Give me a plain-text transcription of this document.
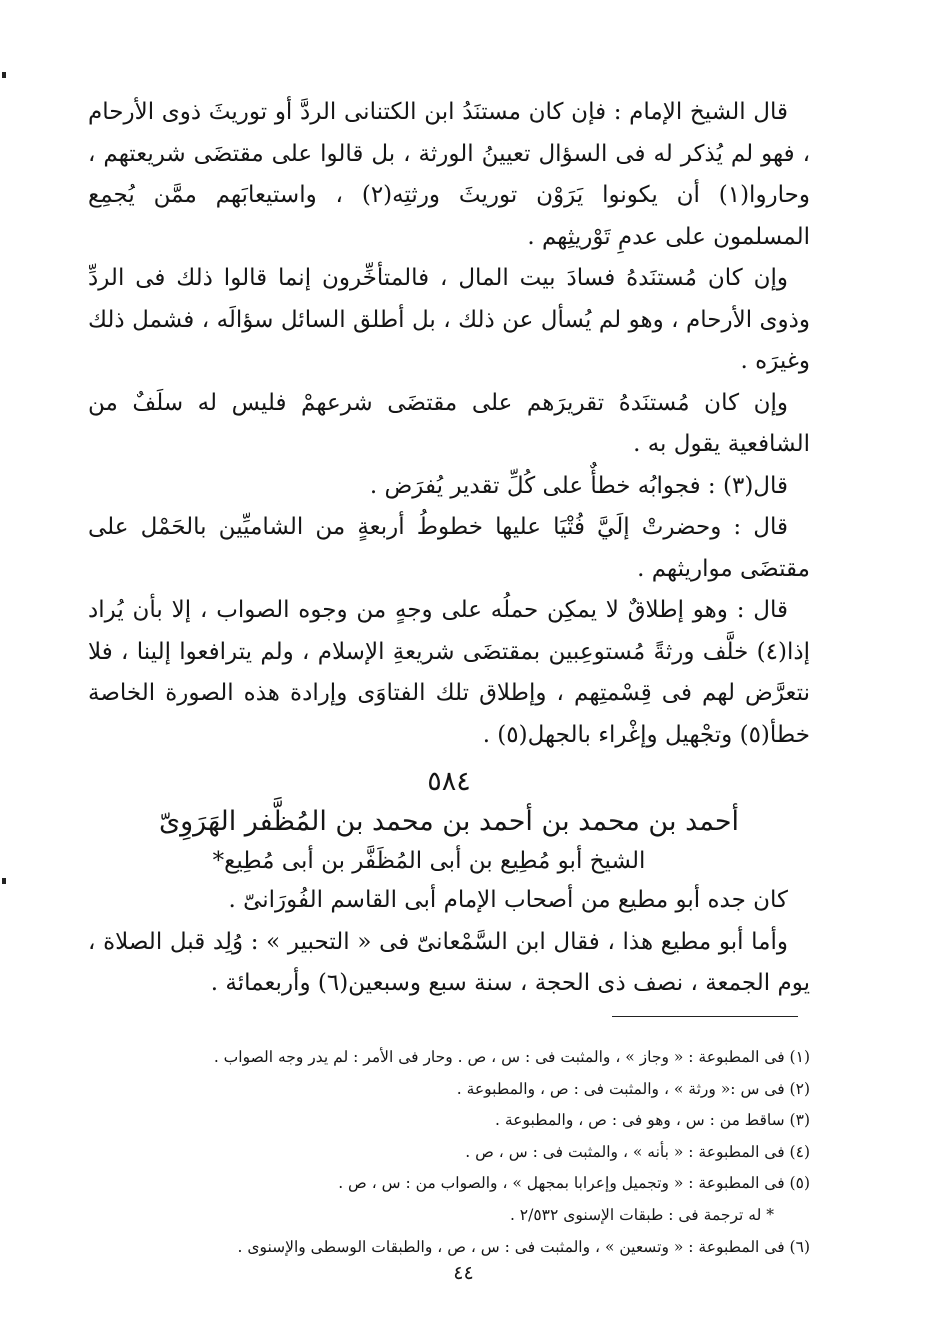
قال الشيخ الإمام : فإن كان مستنَدُ ابن الكتنانى الردَّ أو توريثَ ذوى الأرحام ، فهو لم يُذكر له فى السؤال تعيينُ الورثة ، بل قالوا على مقتضَى شريعتهم ، وحاروا(١) أن يكونوا يَرَوْن توريثَ ورثتِه(٢) ، واستيعابَهم ممَّن يُجمِع المسلمون على عدمِ تَوْريثِهم .

وإن كان مُستنَدهُ فسادَ بيت المال ، فالمتأخِّرون إنما قالوا ذلك فى الردِّ وذوى الأرحام ، وهو لم يُسأل عن ذلك ، بل أطلق السائل سؤالَه ، فشمل ذلك وغيرَه .

وإن كان مُستنَدهُ تقريرَهم على مقتضَى شرعهمْ فليس له سلَفٌ من الشافعية يقول به .

قال(٣) : فجوابُه خطأٌ على كُلِّ تقدير يُفرَض .

قال : وحضرتْ إلَيَّ فُتْيَا عليها خطوطُ أربعةٍ من الشاميِّين بالحَمْل على مقتضَى مواريثهم .

قال : وهو إطلاقٌ لا يمكِن حملُه على وجهٍ من وجوه الصواب ، إلا بأن يُراد إذا(٤) خلَّف ورثةً مُستوعِبين بمقتضَى شريعةِ الإسلام ، ولم يترافعوا إلينا ، فلا نتعرَّض لهم فى قِسْمتِهم ، وإطلاق تلك الفتاوَى وإرادة هذه الصورة الخاصة خطأ(٥) وتجْهيل وإغْراء بالجهل(٥) .

٥٨٤
أحمد بن محمد بن أحمد بن محمد بن المُظَّفر الهَرَوِىّ
الشيخ أبو مُطِيع بن أبى المُظَفَّر بن أبى مُطِيع*

كان جده أبو مطيع من أصحاب الإمام أبى القاسم الفُورَانىّ .

وأما أبو مطيع هذا ، فقال ابن السَّمْعانىّ فى « التحبير » : وُلِد قبل الصلاة ، يوم الجمعة ، نصف ذى الحجة ، سنة سبع وسبعين(٦) وأربعمائة .

(١) فى المطبوعة : « وجاز » ، والمثبت فى : س ، ص . وحار فى الأمر : لم يدر وجه الصواب .

(٢) فى س :« ورثة » ، والمثبت فى : ص ، والمطبوعة .

(٣) ساقط من : س ، وهو فى : ص ، والمطبوعة .

(٤) فى المطبوعة : « بأنه » ، والمثبت فى : س ، ص .

(٥) فى المطبوعة : « وتجميل وإعرابا بمجهل » ، والصواب من : س ، ص .

* له ترجمة فى : طبقات الإسنوى ٢/٥٣٢ .

(٦) فى المطبوعة : « وتسعين » ، والمثبت فى : س ، ص ، والطبقات الوسطى والإسنوى .

٤٤
